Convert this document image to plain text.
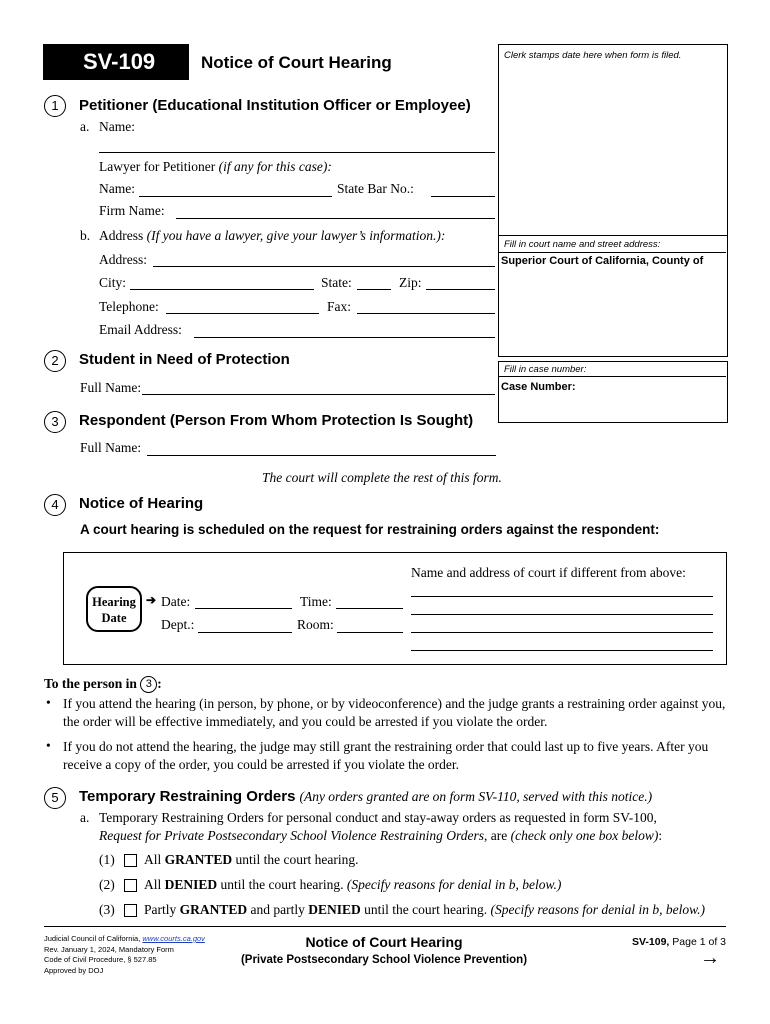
SV-109	Notice of Court Hearing	Clerk stamps date here when form is filed.
Fill in court name and street address:
Superior Court of California, County of
Fill in case number:
Case Number:
1	Petitioner (Educational Institution Officer or Employee)
a. Name:
Lawyer for Petitioner (if any for this case):
Name:	State Bar No.:
Firm Name:
b. Address (If you have a lawyer, give your lawyer’s information.):
Address:
City:	State:	Zip:
Telephone:	Fax:
Email Address:
2	Student in Need of Protection
Full Name:
3	Respondent (Person From Whom Protection Is Sought)
Full Name:
The court will complete the rest of this form.
4	Notice of Hearing
A court hearing is scheduled on the request for restraining orders against the respondent:
Hearing
Date
➔ Date:	Time:
Dept.:	Room:
Name and address of court if different from above:
To the person in 3 :
• If you attend the hearing (in person, by phone, or by videoconference) and the judge grants a restraining order against you, the order will be effective immediately, and you could be arrested if you violate the order.
• If you do not attend the hearing, the judge may still grant the restraining order that could last up to five years. After you receive a copy of the order, you could be arrested if you violate the order.
5	Temporary Restraining Orders (Any orders granted are on form SV-110, served with this notice.)
a. Temporary Restraining Orders for personal conduct and stay-away orders as requested in form SV-100,
Request for Private Postsecondary School Violence Restraining Orders, are (check only one box below):
(1) All GRANTED until the court hearing.
(2) All DENIED until the court hearing. (Specify reasons for denial in b, below.)
(3) Partly GRANTED and partly DENIED until the court hearing. (Specify reasons for denial in b, below.)
Judicial Council of California, www.courts.ca.gov
Rev. January 1, 2024, Mandatory Form
Code of Civil Procedure, § 527.85
Approved by DOJ
Notice of Court Hearing
(Private Postsecondary School Violence Prevention)
SV-109, Page 1 of 3
→
